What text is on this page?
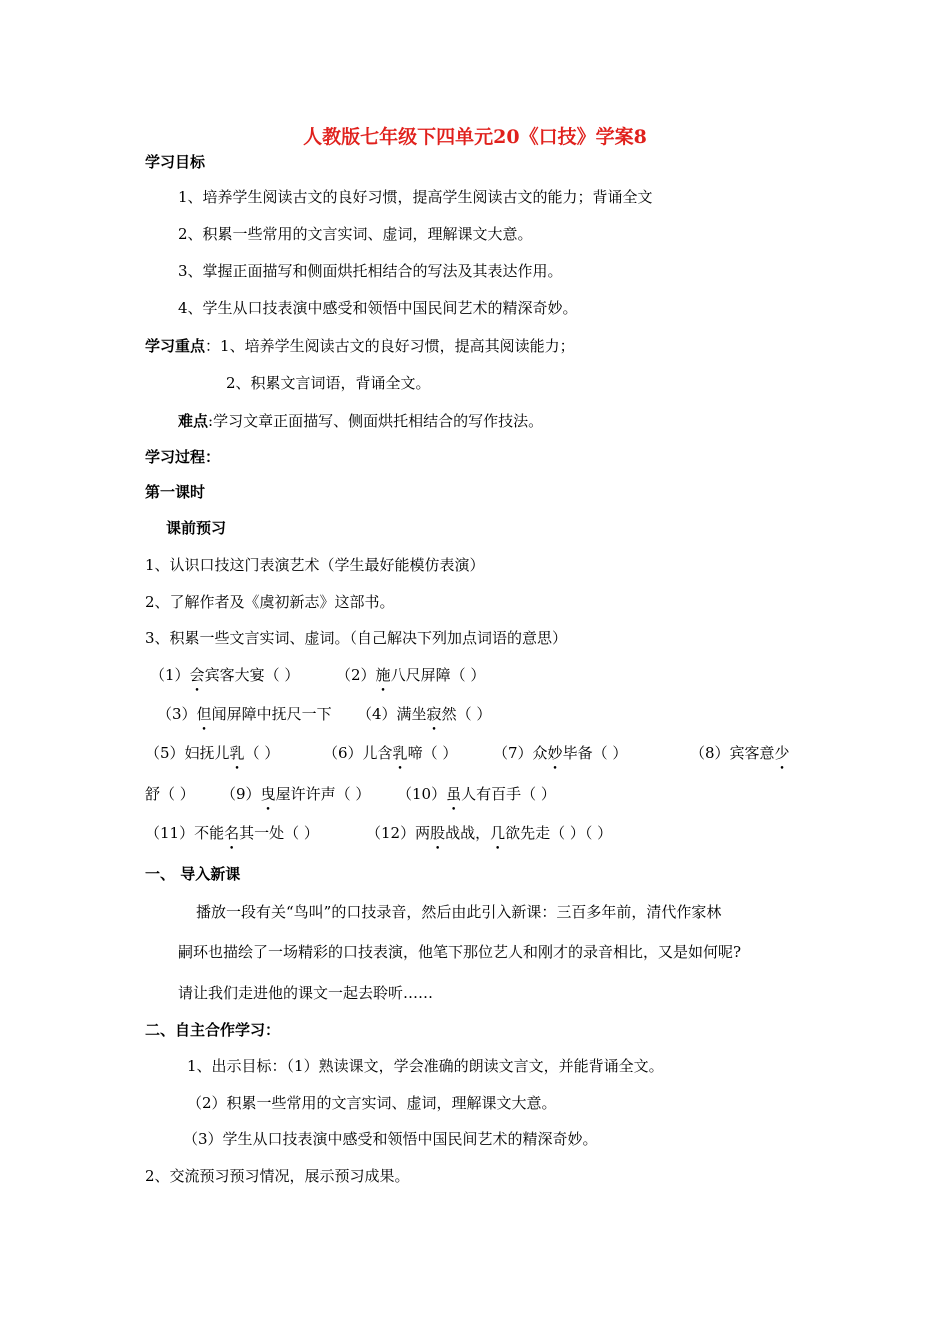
人教版七年级下四单元20《口技》学案8
学习目标
1、培养学生阅读古文的良好习惯，提高学生阅读古文的能力；背诵全文
2、积累一些常用的文言实词、虚词，理解课文大意。
3、掌握正面描写和侧面烘托相结合的写法及其表达作用。
4、学生从口技表演中感受和领悟中国民间艺术的精深奇妙。
学习重点：1、培养学生阅读古文的良好习惯，提高其阅读能力；
2、积累文言词语，背诵全文。
难点:学习文章正面描写、侧面烘托相结合的写作技法。
学习过程：
第一课时
课前预习
1、认识口技这门表演艺术（学生最好能模仿表演）
2、了解作者及《虞初新志》这部书。
3、积累一些文言实词、虚词。（自己解决下列加点词语的意思）
（1）会宾客大宴（ ） （2）施八尺屏障（ ）
（3）但闻屏障中抚尺一下 （4）满坐寂然（ ）
（5）妇抚儿乳（ ）	（6）儿含乳啼（ ） （7）众妙毕备（ ）	（8）宾客意少
舒（ ） （9）曳屋许许声（ ） （10）虽人有百手（ ）
（11）不能名其一处（ ）	（12）两股战战，几欲先走（ ）（ ）
一、 导入新课
播放一段有关“鸟叫”的口技录音，然后由此引入新课：三百多年前，清代作家林
嗣环也描绘了一场精彩的口技表演，他笔下那位艺人和刚才的录音相比，又是如何呢?
请让我们走进他的课文一起去聆听……
二、自主合作学习：
1、出示目标：（1）熟读课文，学会准确的朗读文言文，并能背诵全文。
（2）积累一些常用的文言实词、虚词，理解课文大意。
（3）学生从口技表演中感受和领悟中国民间艺术的精深奇妙。
2、交流预习预习情况，展示预习成果。
